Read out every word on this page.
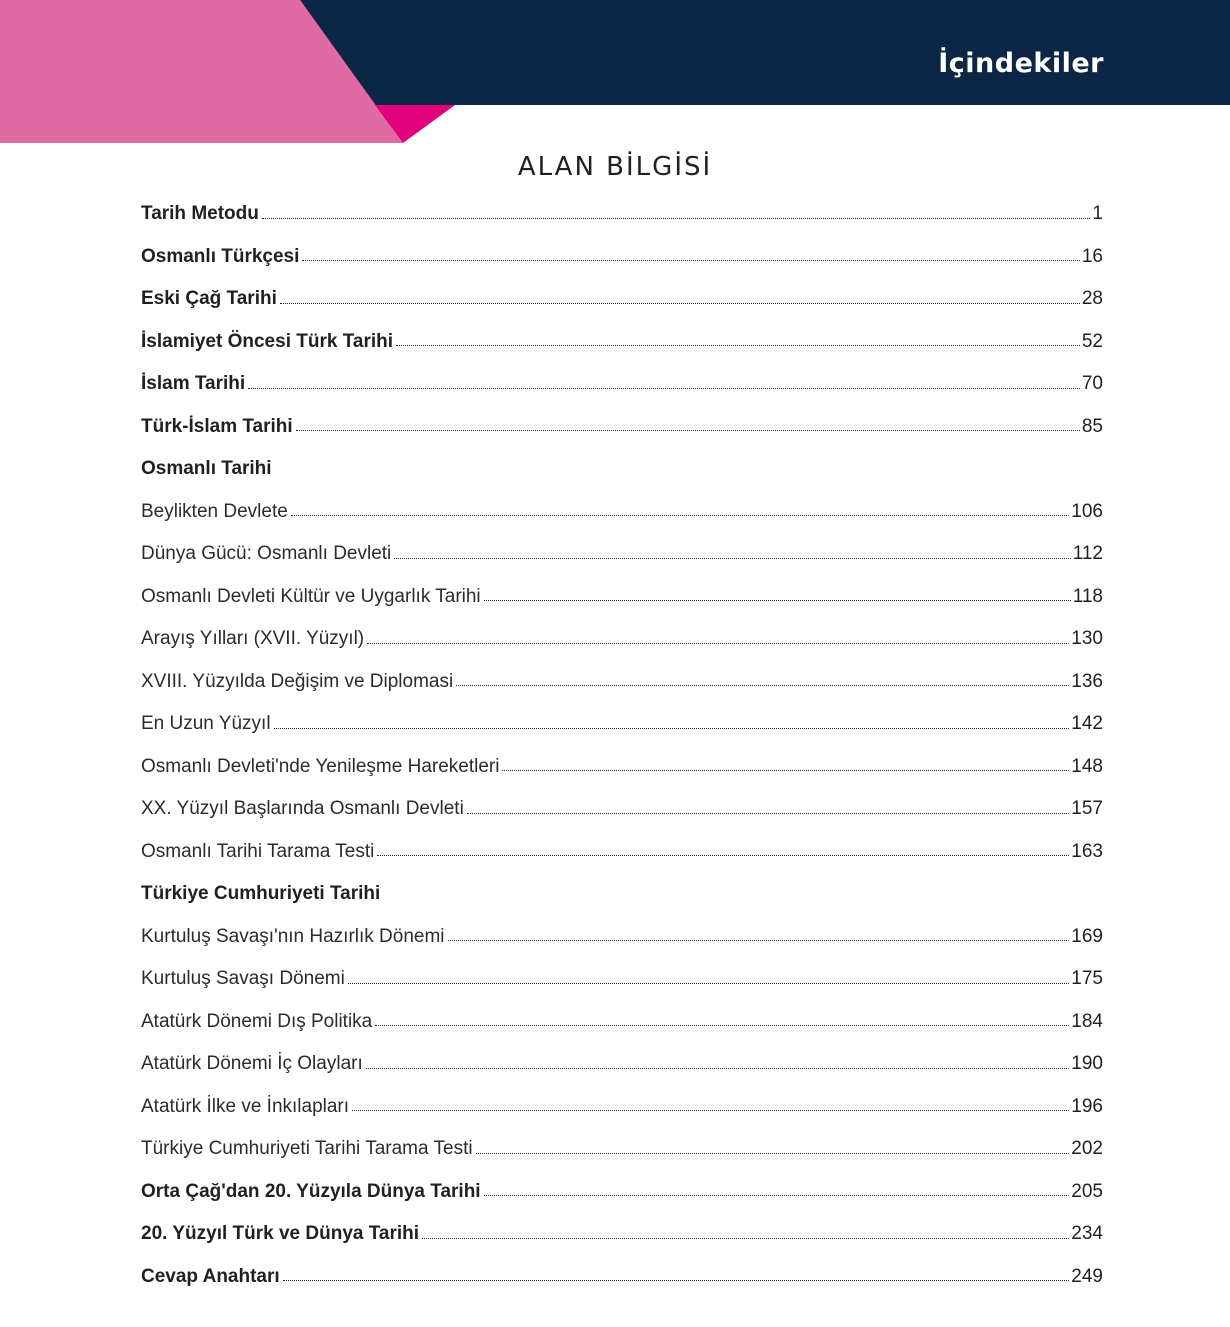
İçindekiler
ALAN BİLGİSİ
Tarih Metodu	1
Osmanlı Türkçesi	16
Eski Çağ Tarihi	28
İslamiyet Öncesi Türk Tarihi	52
İslam Tarihi	70
Türk-İslam Tarihi	85
Osmanlı Tarihi
Beylikten Devlete	106
Dünya Gücü: Osmanlı Devleti	112
Osmanlı Devleti Kültür ve Uygarlık Tarihi	118
Arayış Yılları (XVII. Yüzyıl)	130
XVIII. Yüzyılda Değişim ve Diplomasi	136
En Uzun Yüzyıl	142
Osmanlı Devleti'nde Yenileşme Hareketleri	148
XX. Yüzyıl Başlarında Osmanlı Devleti	157
Osmanlı Tarihi Tarama Testi	163
Türkiye Cumhuriyeti Tarihi
Kurtuluş Savaşı'nın Hazırlık Dönemi	169
Kurtuluş Savaşı Dönemi	175
Atatürk Dönemi Dış Politika	184
Atatürk Dönemi İç Olayları	190
Atatürk İlke ve İnkılapları	196
Türkiye Cumhuriyeti Tarihi Tarama Testi	202
Orta Çağ'dan 20. Yüzyıla Dünya Tarihi	205
20. Yüzyıl Türk ve Dünya Tarihi	234
Cevap Anahtarı	249
